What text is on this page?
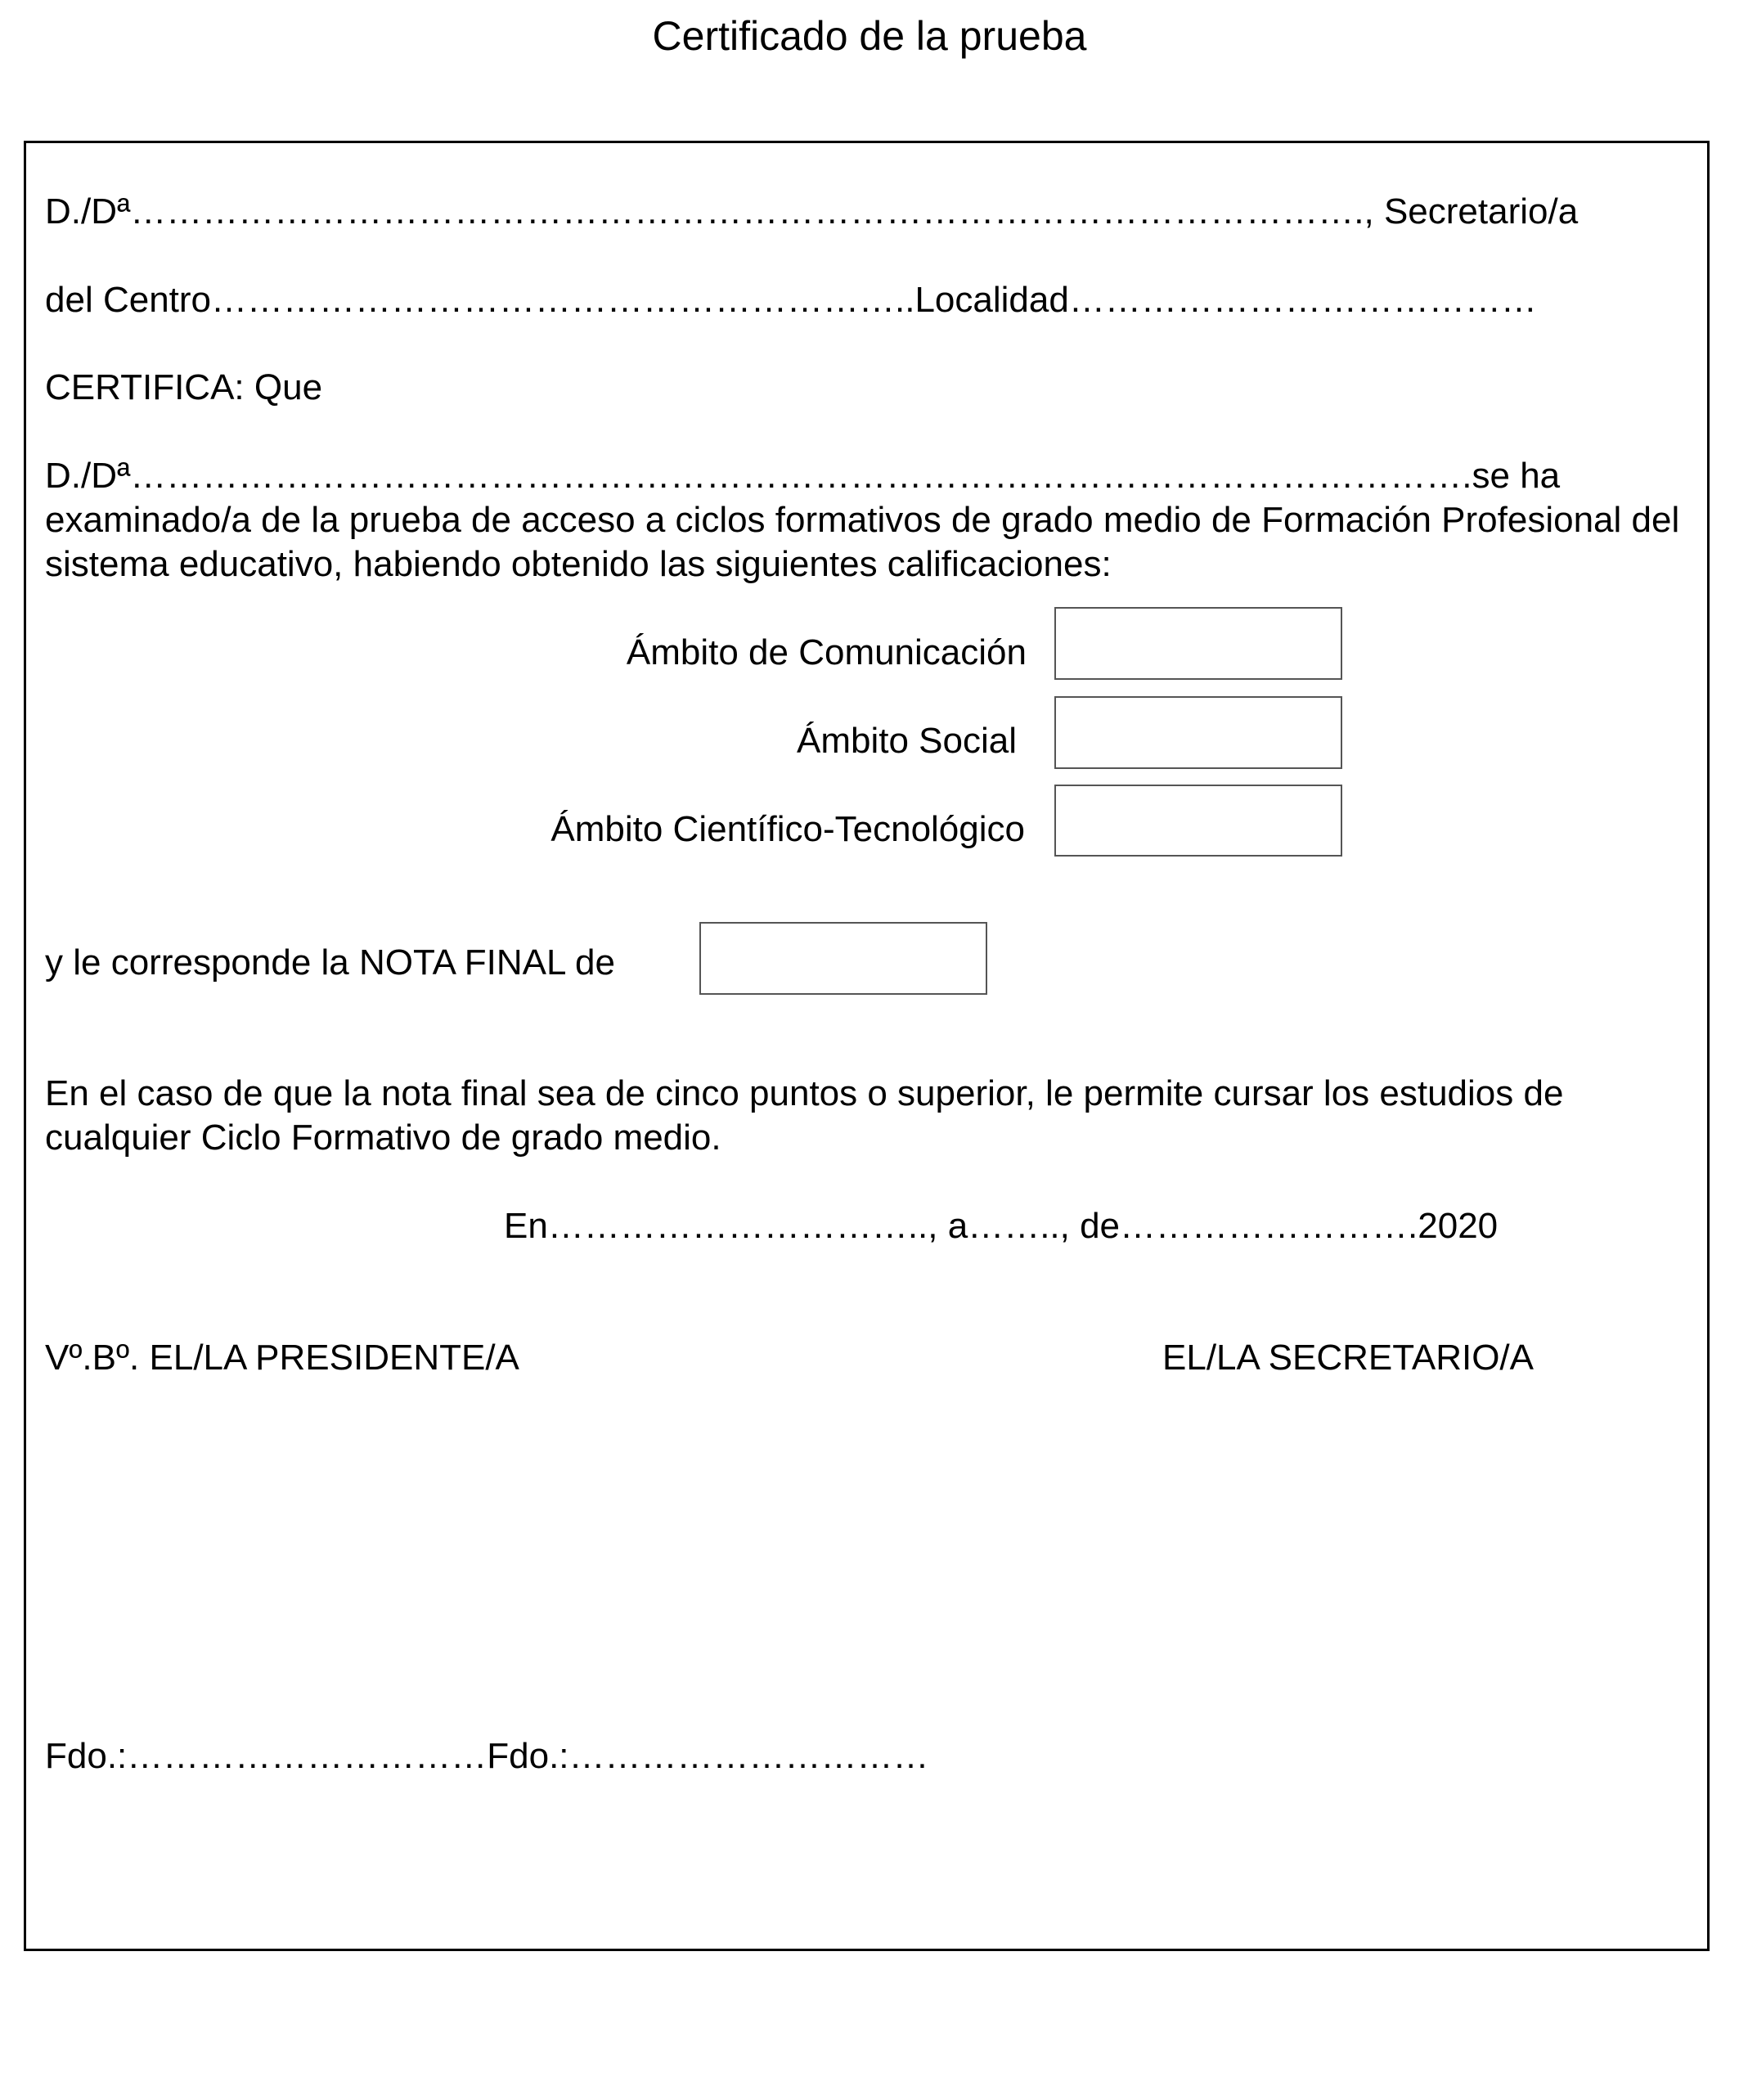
Certificado de la prueba
D./Dª…………………………………………………………………………………………., Secretario/a
del Centro…………………………………………………..Localidad…………………………………
CERTIFICA: Que
D./Dª………………………………………………………………………………………………….se ha
examinado/a de la prueba de acceso a ciclos formativos de grado medio de Formación Profesional del sistema educativo, habiendo obtenido las siguientes calificaciones:
Ámbito de Comunicación
Ámbito Social
Ámbito Científico-Tecnológico
y le corresponde la NOTA FINAL de
En el caso de que la nota final sea de cinco puntos o superior, le permite cursar los estudios de cualquier Ciclo Formativo de grado medio.
En………………………….., a…….., de…………………….2020
Vº.Bº. EL/LA PRESIDENTE/A	EL/LA SECRETARIO/A
Fdo.:…………………………Fdo.:…………………………
